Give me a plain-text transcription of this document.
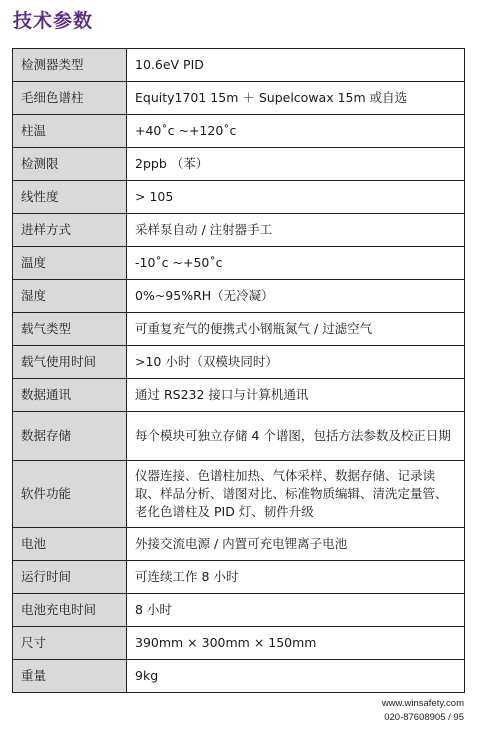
技术参数
检测器类型	10.6eV PID
毛细色谱柱	Equity1701 15m ＋ Supelcowax 15m 或自选
柱温	+40˚c ~+120˚c
检测限	2ppb （苯）
线性度	> 105
进样方式	采样泵自动 / 注射器手工
温度	-10˚c ~+50˚c
湿度	0%~95%RH（无冷凝）
载气类型	可重复充气的便携式小钢瓶氮气 / 过滤空气
载气使用时间	>10 小时（双模块同时）
数据通讯	通过 RS232 接口与计算机通讯
数据存储	每个模块可独立存储 4 个谱图，包括方法参数及校正日期
软件功能	仪器连接、色谱柱加热、气体采样、数据存储、记录读取、样品分析、谱图对比、标准物质编辑、清洗定量管、老化色谱柱及 PID 灯、韧件升级
电池	外接交流电源 / 内置可充电锂离子电池
运行时间	可连续工作 8 小时
电池充电时间	8 小时
尺寸	390mm × 300mm × 150mm
重量	9kg
www.winsafety.com
020-87608905 / 95
